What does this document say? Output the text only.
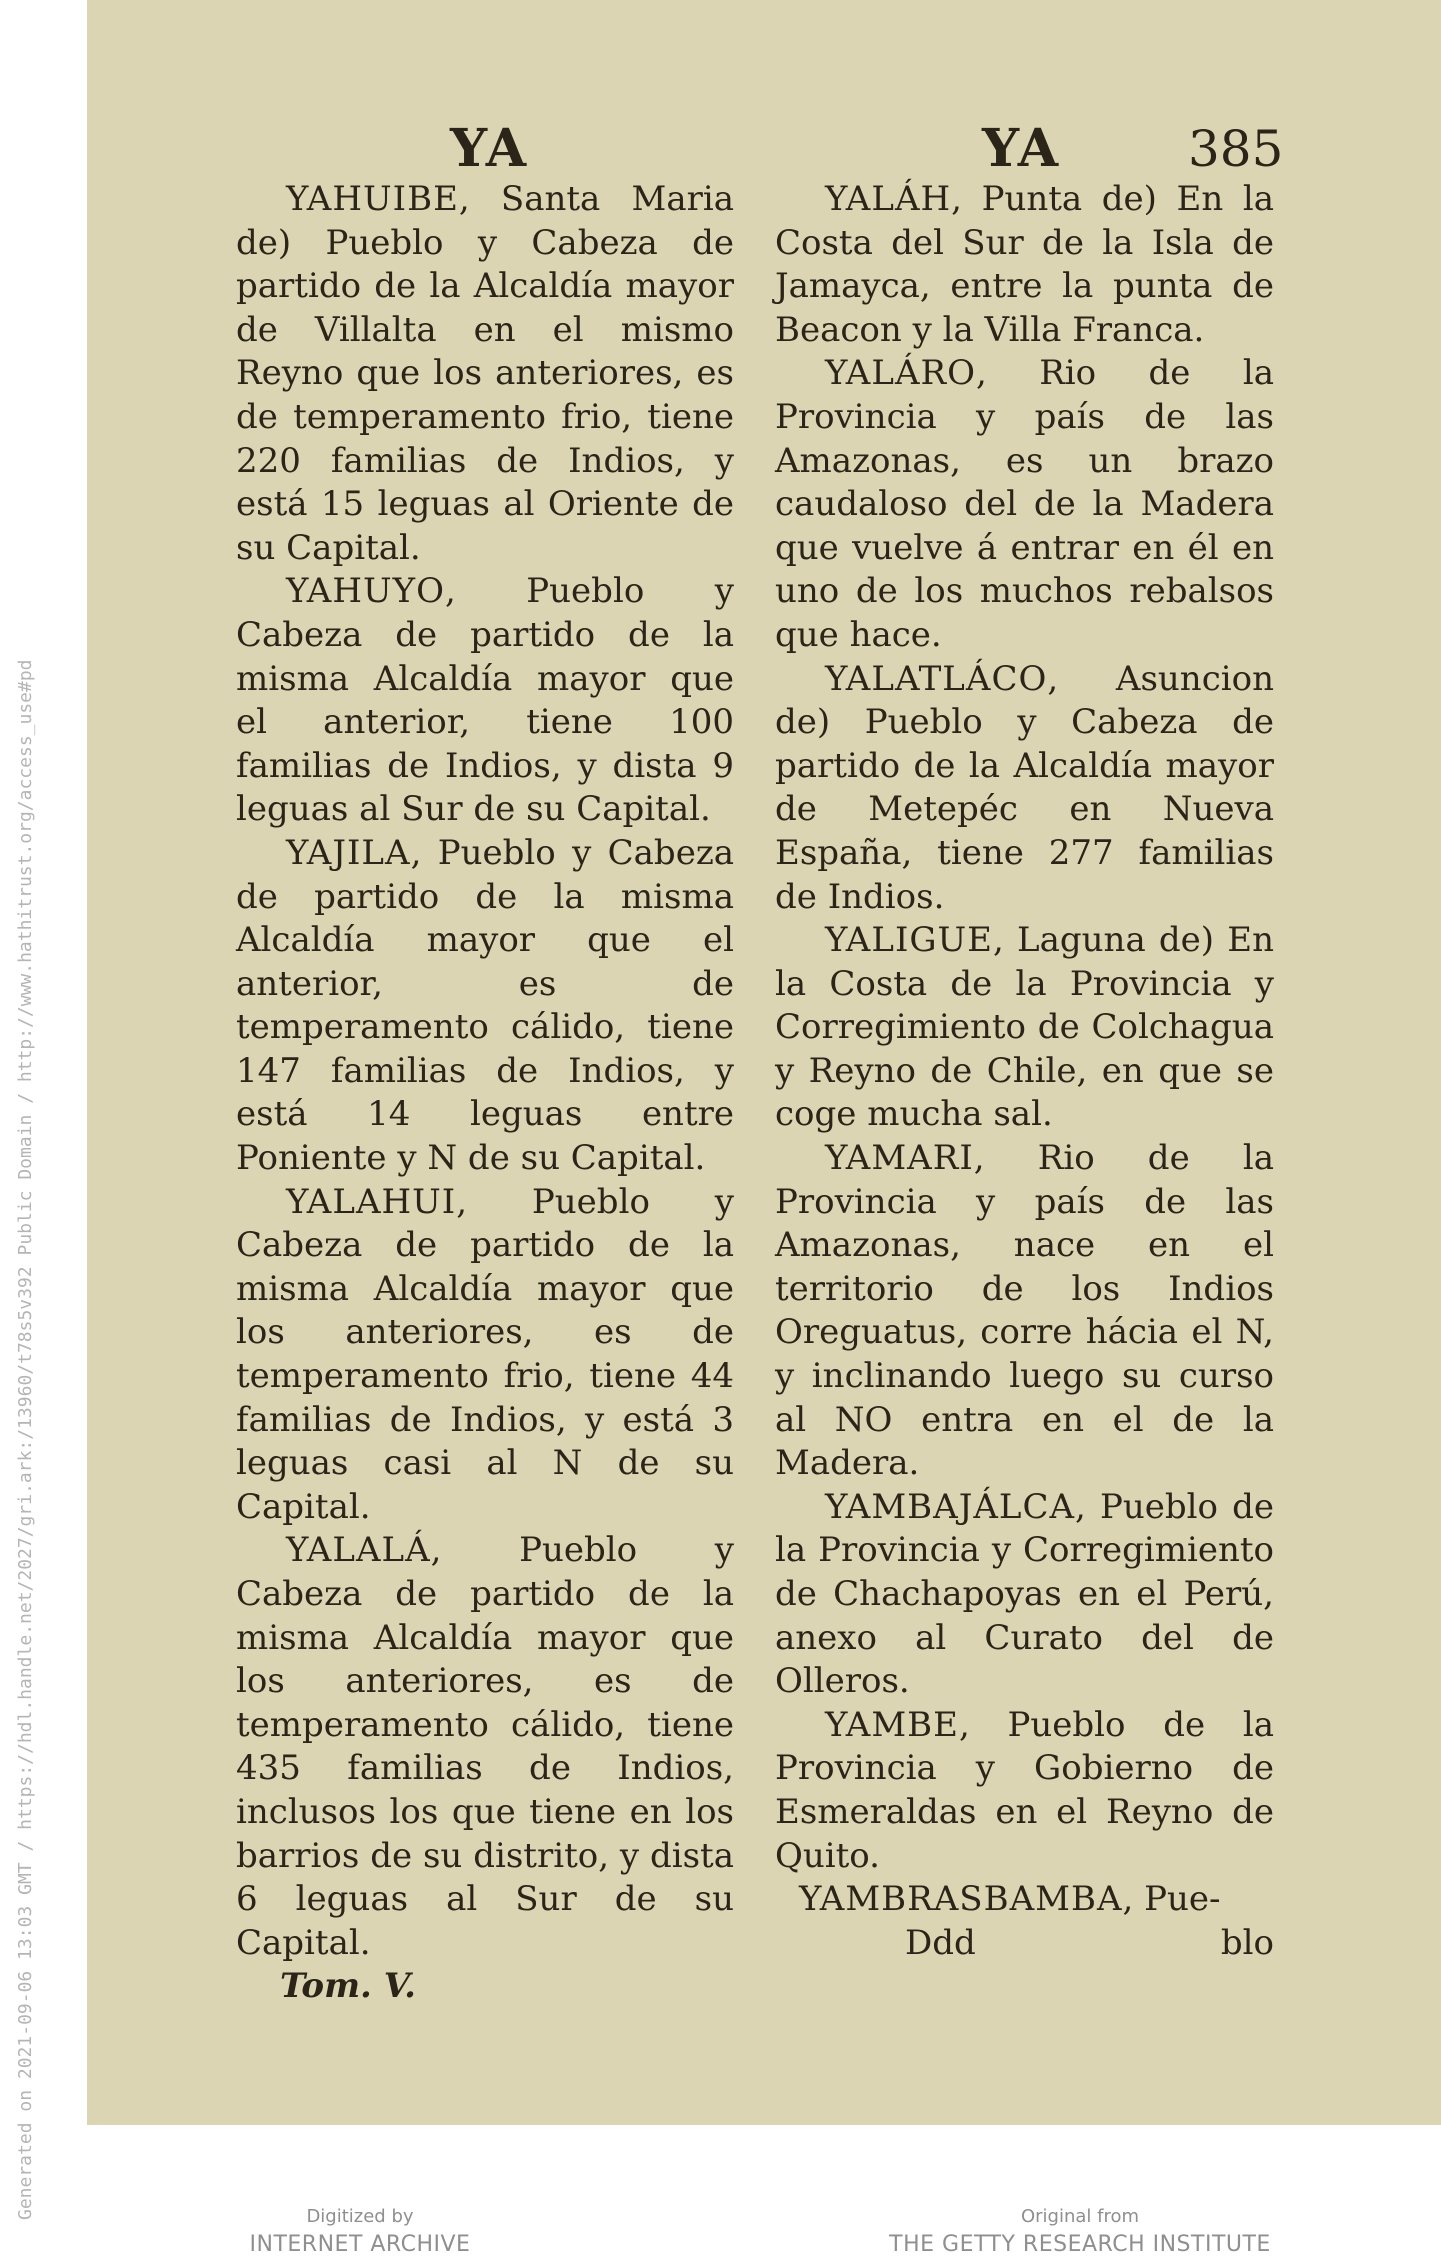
Generated on 2021-09-06 13:03 GMT / https://hdl.handle.net/2027/gri.ark:/13960/t78s5v392 Public Domain / http://www.hathitrust.org/access_use#pd
YA	YA	385

YAHUIBE, Santa Maria de) Pueblo y Cabeza de partido de la Alcaldía mayor de Villalta en el mismo Reyno que los anteriores, es de temperamento frio, tiene 220 familias de Indios, y está 15 leguas al Oriente de su Capital.

YAHUYO, Pueblo y Cabeza de partido de la misma Alcaldía mayor que el anterior, tiene 100 familias de Indios, y dista 9 leguas al Sur de su Capital.

YAJILA, Pueblo y Cabeza de partido de la misma Alcaldía mayor que el anterior, es de temperamento cálido, tiene 147 familias de Indios, y está 14 leguas entre Poniente y N de su Capital.

YALAHUI, Pueblo y Cabeza de partido de la misma Alcaldía mayor que los anteriores, es de temperamento frio, tiene 44 familias de Indios, y está 3 leguas casi al N de su Capital.

YALALÁ, Pueblo y Cabeza de partido de la misma Alcaldía mayor que los anteriores, es de temperamento cálido, tiene 435 familias de Indios, inclusos los que tiene en los barrios de su distrito, y dista 6 leguas al Sur de su Capital.

Tom. V.

YALÁH, Punta de) En la Costa del Sur de la Isla de Jamayca, entre la punta de Beacon y la Villa Franca.

YALÁRO, Rio de la Provincia y país de las Amazonas, es un brazo caudaloso del de la Madera que vuelve á entrar en él en uno de los muchos rebalsos que hace.

YALATLÁCO, Asuncion de) Pueblo y Cabeza de partido de la Alcaldía mayor de Metepéc en Nueva España, tiene 277 familias de Indios.

YALIGUE, Laguna de) En la Costa de la Provincia y Corregimiento de Colchagua y Reyno de Chile, en que se coge mucha sal.

YAMARI, Rio de la Provincia y país de las Amazonas, nace en el territorio de los Indios Oreguatus, corre hácia el N, y inclinando luego su curso al NO entra en el de la Madera.

YAMBAJÁLCA, Pueblo de la Provincia y Corregimiento de Chachapoyas en el Perú, anexo al Curato del de Olleros.

YAMBE, Pueblo de la Provincia y Gobierno de Esmeraldas en el Reyno de Quito.

YAMBRASBAMBA, Pue-

Ddd	blo

Digitized by
INTERNET ARCHIVE
Original from
THE GETTY RESEARCH INSTITUTE
